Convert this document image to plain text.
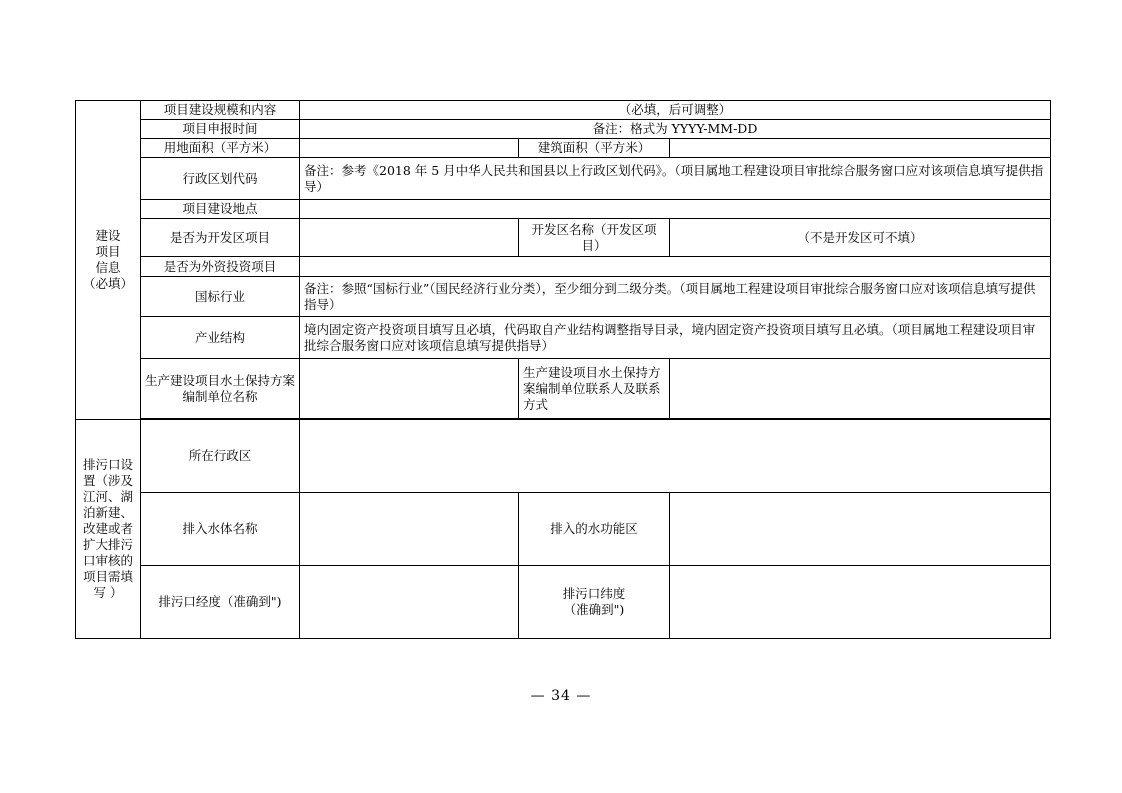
建设
项目
信息
（必填）	项目建设规模和内容	（必填，后可调整）		
	项目申报时间	备注：格式为 YYYY-MM-DD		
	用地面积（平方米）		建筑面积（平方米）	
	行政区划代码	备注：参考《2018 年 5 月中华人民共和国县以上行政区划代码》。（项目属地工程建设项目审批综合服务窗口应对该项信息填写提供指导）		
	项目建设地点			
	是否为开发区项目		开发区名称（开发区项目）	（不是开发区可不填）
	是否为外资投资项目			
	国标行业	备注：参照“国标行业”（国民经济行业分类），至少细分到二级分类。（项目属地工程建设项目审批综合服务窗口应对该项信息填写提供指导）		
	产业结构	境内固定资产投资项目填写且必填，代码取自产业结构调整指导目录，境内固定资产投资项目填写且必填。（项目属地工程建设项目审批综合服务窗口应对该项信息填写提供指导）		
	生产建设项目水土保持方案编制单位名称		生产建设项目水土保持方案编制单位联系人及联系方式	

排污口设置（涉及江河、湖泊新建、改建或者扩大排污口审核的项目需填写 ）	所在行政区			
	排入水体名称		排入的水功能区	
	排污口经度（准确到")		排污口纬度
（准确到")	

— 34 —
